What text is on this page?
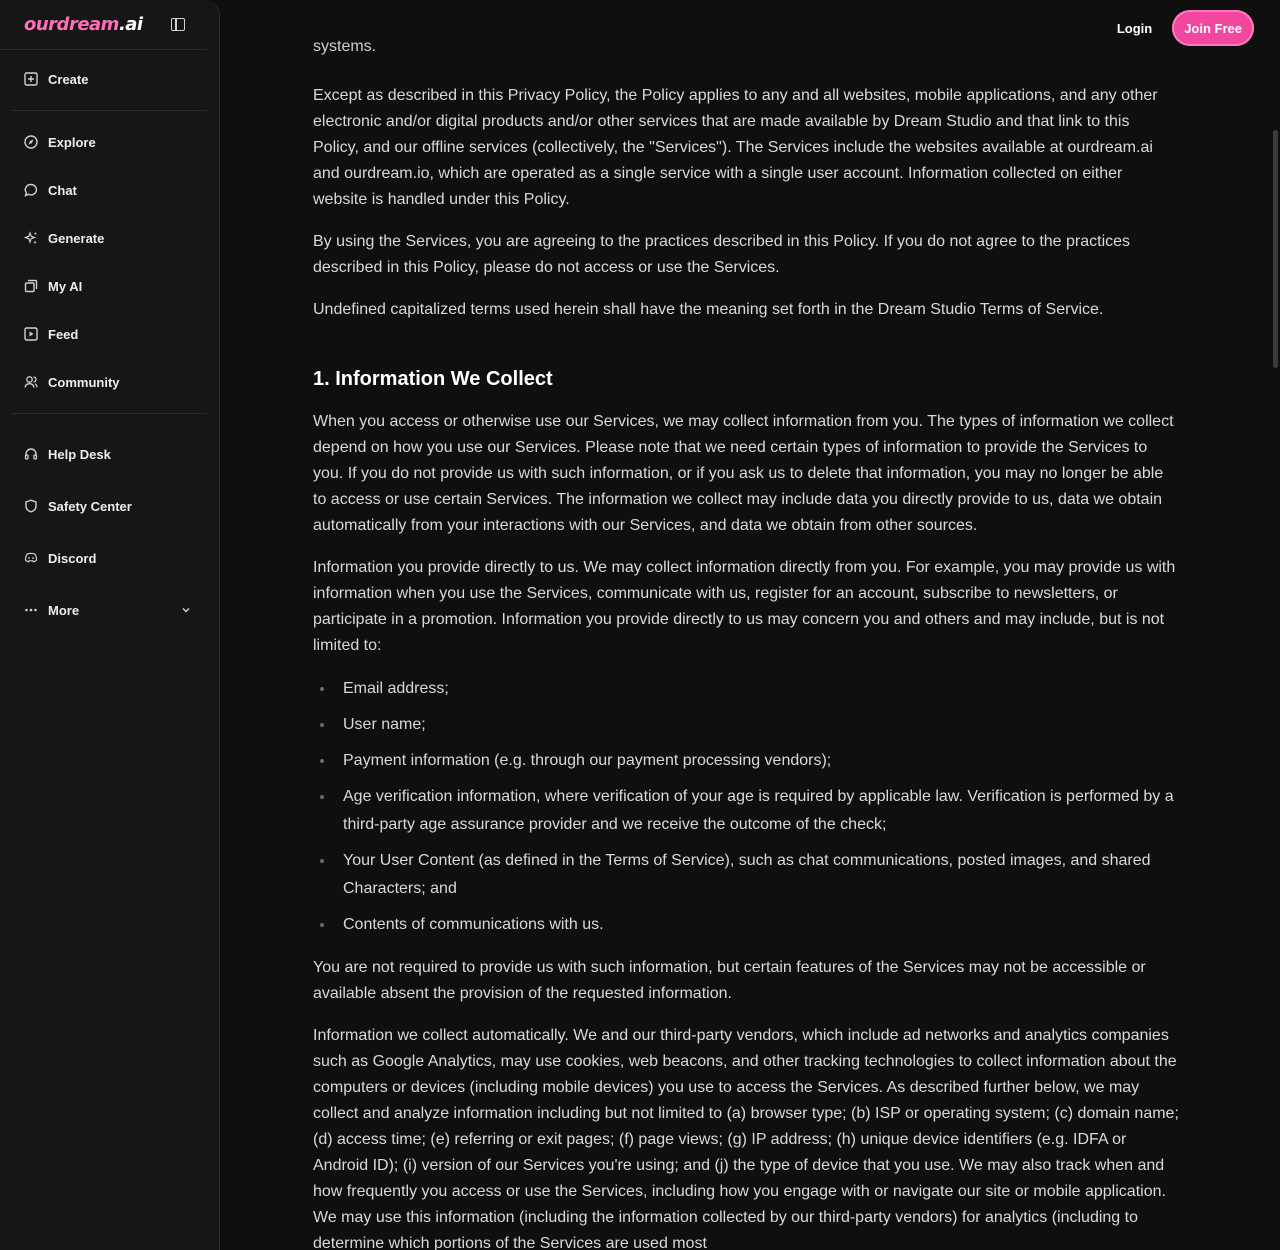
ourdream.ai
Create
Explore
Chat
Generate
My AI
Feed
Community
Help Desk
Safety Center
Discord
More
Login	Join Free
systems.

Except as described in this Privacy Policy, the Policy applies to any and all websites, mobile applications, and any other electronic and/or digital products and/or other services that are made available by Dream Studio and that link to this Policy, and our offline services (collectively, the "Services"). The Services include the websites available at ourdream.ai and ourdream.io, which are operated as a single service with a single user account. Information collected on either website is handled under this Policy.

By using the Services, you are agreeing to the practices described in this Policy. If you do not agree to the practices described in this Policy, please do not access or use the Services.

Undefined capitalized terms used herein shall have the meaning set forth in the Dream Studio Terms of Service.

1. Information We Collect

When you access or otherwise use our Services, we may collect information from you. The types of information we collect depend on how you use our Services. Please note that we need certain types of information to provide the Services to you. If you do not provide us with such information, or if you ask us to delete that information, you may no longer be able to access or use certain Services. The information we collect may include data you directly provide to us, data we obtain automatically from your interactions with our Services, and data we obtain from other sources.

Information you provide directly to us. We may collect information directly from you. For example, you may provide us with information when you use the Services, communicate with us, register for an account, subscribe to newsletters, or participate in a promotion. Information you provide directly to us may concern you and others and may include, but is not limited to:

Email address;
User name;
Payment information (e.g. through our payment processing vendors);
Age verification information, where verification of your age is required by applicable law. Verification is performed by a third-party age assurance provider and we receive the outcome of the check;
Your User Content (as defined in the Terms of Service), such as chat communications, posted images, and shared Characters; and
Contents of communications with us.

You are not required to provide us with such information, but certain features of the Services may not be accessible or available absent the provision of the requested information.

Information we collect automatically. We and our third-party vendors, which include ad networks and analytics companies such as Google Analytics, may use cookies, web beacons, and other tracking technologies to collect information about the computers or devices (including mobile devices) you use to access the Services. As described further below, we may collect and analyze information including but not limited to (a) browser type; (b) ISP or operating system; (c) domain name; (d) access time; (e) referring or exit pages; (f) page views; (g) IP address; (h) unique device identifiers (e.g. IDFA or Android ID); (i) version of our Services you're using; and (j) the type of device that you use. We may also track when and how frequently you access or use the Services, including how you engage with or navigate our site or mobile application. We may use this information (including the information collected by our third-party vendors) for analytics (including to determine which portions of the Services are used most
